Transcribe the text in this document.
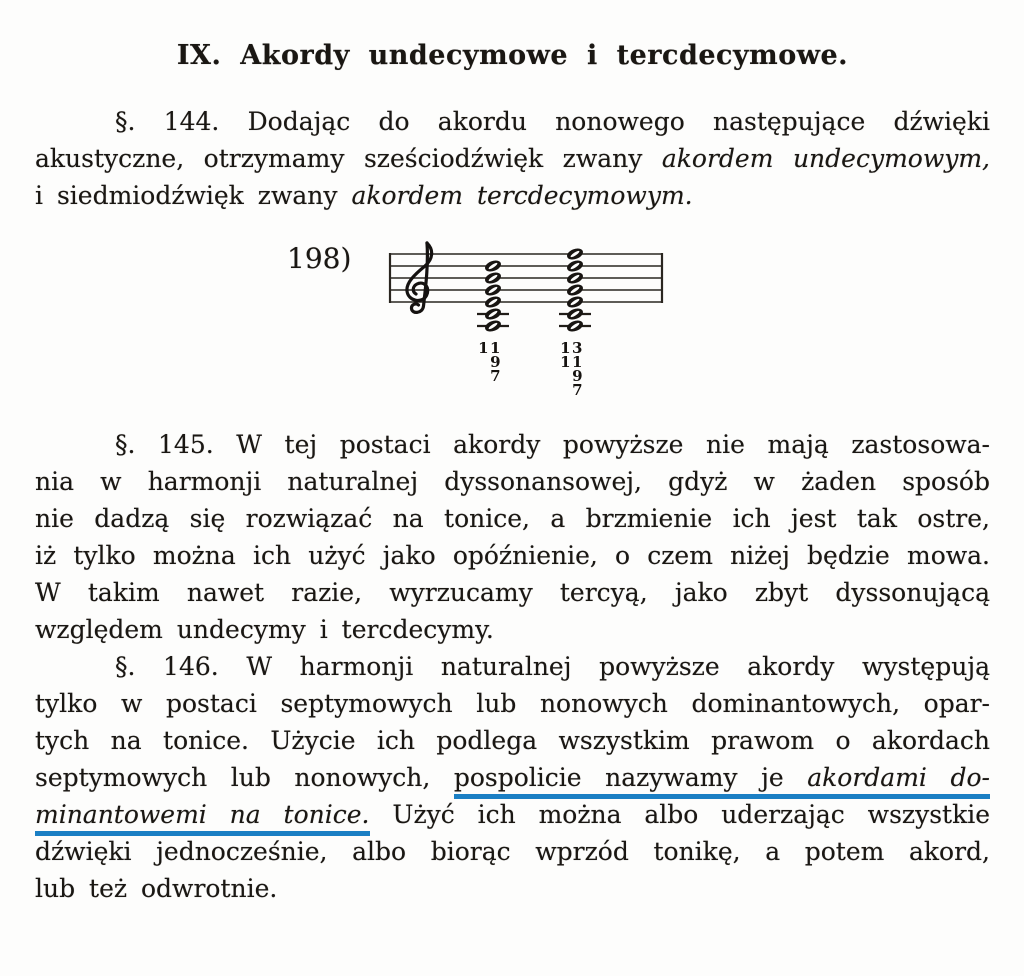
IX. Akordy undecymowe i tercdecymowe.
§. 144. Dodając do akordu nonowego następujące dźwięki
akustyczne, otrzymamy sześciodźwięk zwany akordem undecymowym,
i siedmiodźwięk zwany akordem tercdecymowym.
198)
11
9
7
13
11
9
7
§. 145. W tej postaci akordy powyższe nie mają zastosowa-
nia w harmonji naturalnej dyssonansowej, gdyż w żaden sposób
nie dadzą się rozwiązać na tonice, a brzmienie ich jest tak ostre,
iż tylko można ich użyć jako opóźnienie, o czem niżej będzie mowa.
W takim nawet razie, wyrzucamy tercyą, jako zbyt dyssonującą
względem undecymy i tercdecymy.
§. 146. W harmonji naturalnej powyższe akordy występują
tylko w postaci septymowych lub nonowych dominantowych, opar-
tych na tonice. Użycie ich podlega wszystkim prawom o akordach
septymowych lub nonowych, pospolicie nazywamy je akordami do-
minantowemi na tonice. Użyć ich można albo uderzając wszystkie
dźwięki jednocześnie, albo biorąc wprzód tonikę, a potem akord,
lub też odwrotnie.
